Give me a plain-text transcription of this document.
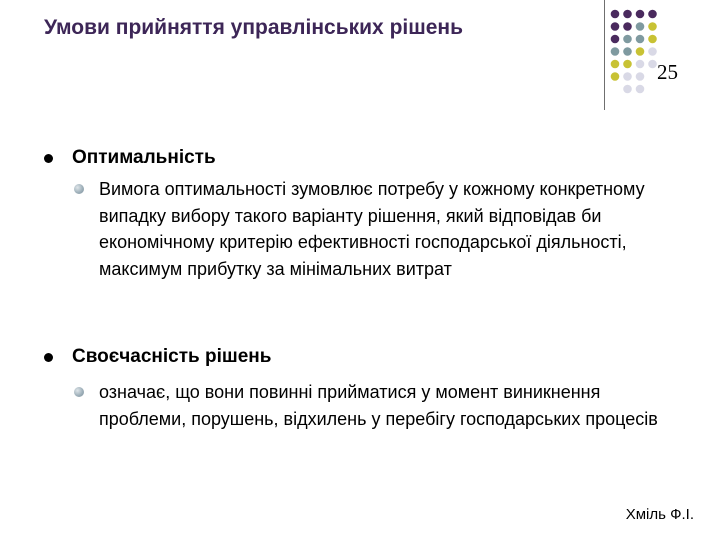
Умови прийняття управлінських рішень
25
Оптимальність
Вимога оптимальності зумовлює потребу у кожному конкретному випадку вибору такого варіанту рішення, який відповідав би економічному критерію ефективності господарської діяльності, максимум прибутку за мінімальних витрат
Своєчасність рішень
означає, що вони повинні прийматися у момент виникнення проблеми, порушень, відхилень у перебігу господарських процесів
Хміль Ф.І.
